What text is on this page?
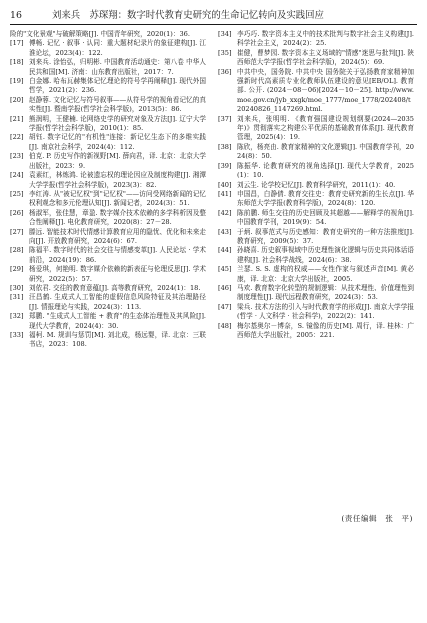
16	刘来兵　苏琛翔：数字时代教育史研究的生命记忆转向及实践回应

险的"文化景观"与破解策略[J]. 中国青年研究，2020(1)：36.

[17] 傅畅. 记忆 · 叙事 · 认同：重大题材纪录片的象征建构[J]. 江淮论坛，2023(4)：122.

[18] 刘来兵. 涂怡弘，归明彬. 中国教育活动通史：第八卷 中华人民共和国[M]. 济南：山东教育出版社，2017：7.

[19] 白金娜. 哈布瓦赫集体记忆理论的符号学再阐释[J]. 现代外国哲学，2021(2)：236.

[20] 赵静蓉. 文化记忆与符号叙事——从符号学的视角看记忆的真实性[J]. 暨南学报(哲学社会科学版)，2013(5)：86.

[21] 熊润明，王健楠. 论网络史学的研究对象及方法[J]. 辽宁大学学报(哲学社会科学版)，2010(1)：85.

[22] 胡钰. 数字记忆的"有机性"连接：新记忆生态下的多维实践[J]. 南京社会科学，2024(4)：112.

[23] 伯克. P. 历史写作的新视野[M]. 薛向君，译. 北京：北京大学出版社，2023：9.

[24] 袁素红，林炼鸿. 论被遗忘权的理论因应及制度构建[J]. 湘潭大学学报(哲学社会科学版)，2023(3)：82.

[25] 李红涛. 从"被记忆权"到"记忆权"——访问受网络新闻的记忆权利观念和多元伦理认知[J]. 新闻记者，2024(3)：51.

[26] 杨淑军，张佳慧，章盈. 数字媒介技术依赖的多学科析因及整合性阐释[J]. 电化教育研究，2020(8)：27－28.

[27] 滕远. 智能技术时代情感计算教育应用的隐忧、优化和未来走向[J]. 开放教育研究，2024(6)：67.

[28] 陈福平. 数字时代的社会交往与情感变革[J]. 人民论坛 · 学术前沿，2024(19)：86.

[29] 杨爱琪，何艳明. 数字媒介依赖的新表征与伦理反思[J]. 学术研究，2022(5)：57.

[30] 刘依君. 交往的教育意蕴[J]. 高等教育研究，2024(1)：18.

[31] 汪昌鹤. 生成式人工智能的虚假信息风险特征及其治理路径[J]. 情报理论与实践，2024(3)：113.

[32] 郑鹏. "生成式人工智能 + 教育"的生态体治理性及其风险[J]. 现代大学教育，2024(4)：30.

[33] 福柯. M. 规训与惩罚[M]. 刘北成，杨远婴，译. 北京：三联书店，2023：108.

[34] 李巧巧. 数字资本主义中的技术批判与数字社会主义构建[J]. 科学社会主义，2024(2)：25.

[35] 崔健，曹梦园. 数字资本主义场域的"情感"迷思与批判[J]. 陕西师范大学学报(哲学社会科学版)，2024(5)：69.

[36] 中共中央，国务院. 中共中央 国务院关于弘扬教育家精神加强新时代高素质专业化教师队伍建设的意见[EB/OL]. 教育部. 公开. (2024－08－06)[2024－10－25]. http://www.moe.gov.cn/jyb_xxgk/moe_1777/moe_1778/202408/t20240826_1147269.html.

[37] 刘来兵，张明明. 《教育强国建设规划纲要(2024—2035年)》贯彻落实之构建公平优质的基础教育体系[J]. 现代教育管理，2025(4)：19.

[38] 陈欣，杨亮由. 教育家精神的文化逻辑[J]. 中国教育学刊，2024(8)：50.

[39] 陈振华. 论教育研究的视角选择[J]. 现代大学教育，2025(1)：10.

[40] 刘云生. 论学校记忆[J]. 教育科学研究，2011(1)：40.

[41] 申国昌，白静倩. 教育交往史：教育史研究新的生长点[J]. 华东师范大学学报(教育科学版)，2024(8)：120.

[42] 陈前鹏. 师生交往的历史回顾及其超越——解释学的视角[J]. 中国教育学刊，2019(9)：54.

[43] 于炳. 叙事范式与历史感知：教育史研究的一种方法推度[J]. 教育研究，2009(5)：37.

[44] 孙晓喜. 历史叙事视域中历史理性演化逻辑与历史共同体话语建构[J]. 社会科学战线，2024(6)：38.

[45] 兰瑟. S. S. 虚构的权威——女性作家与叙述声音[M]. 黄必康，译. 北京：北京大学出版社，2005.

[46] 马欢. 教育数字化转型的规制逻辑：从技术理性、价值理性到制度理性[J]. 现代远程教育研究，2024(3)：53.

[47] 梁兵. 技术方法的引入与时代教育学的形成[J]. 南京大学学报(哲学 · 人文科学 · 社会科学)，2022(2)：141.

[48] 梅尔基奥尔－博奈，S. 镜像的历史[M]. 周行，译. 桂林：广西师范大学出版社，2005：221.

(责任编辑　张　平)
